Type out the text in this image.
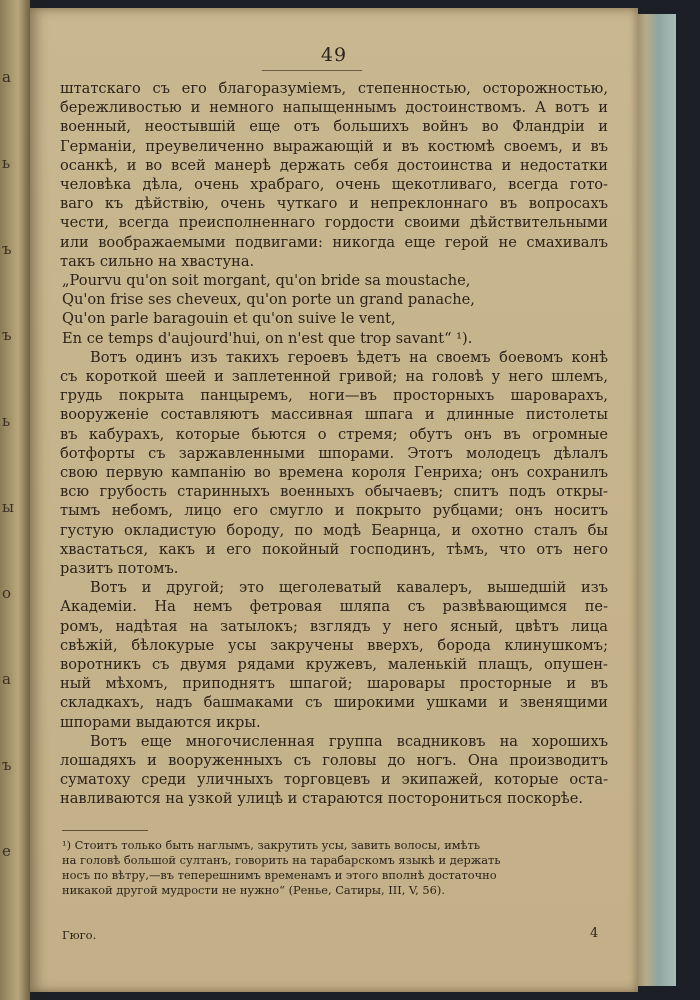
а
ь
ъ
ъ
ь
ы
о
а
ъ
е
49
штатскаго съ его благоразуміемъ, степенностью, осторожностью,
бережливостью и немного напыщеннымъ достоинствомъ. А вотъ и
военный, неостывшій еще отъ большихъ войнъ во Фландріи и
Германіи, преувеличенно выражающій и въ костюмѣ своемъ, и въ
осанкѣ, и во всей манерѣ держать себя достоинства и недостатки
человѣка дѣла, очень храбраго, очень щекотливаго, всегда гото-
ваго къ дѣйствію, очень чуткаго и непреклоннаго въ вопросахъ
чести, всегда преисполненнаго гордости своими дѣйствительными
или воображаемыми подвигами: никогда еще герой не смахивалъ
такъ сильно на хвастуна.
„Pourvu qu'on soit morgant, qu'on bride sa moustache,
Qu'on frise ses cheveux, qu'on porte un grand panache,
Qu'on parle baragouin et qu'on suive le vent,
En ce temps d'aujourd'hui, on n'est que trop savant“ ¹).
Вотъ одинъ изъ такихъ героевъ ѣдетъ на своемъ боевомъ конѣ
съ короткой шеей и заплетенной гривой; на головѣ у него шлемъ,
грудь покрыта панцыремъ, ноги—въ просторныхъ шароварахъ,
вооруженіе составляютъ массивная шпага и длинные пистолеты
въ кабурахъ, которые бьются о стремя; обутъ онъ въ огромные
ботфорты съ заржавленными шпорами. Этотъ молодецъ дѣлалъ
свою первую кампанію во времена короля Генриха; онъ сохранилъ
всю грубость старинныхъ военныхъ обычаевъ; спитъ подъ откры-
тымъ небомъ, лицо его смугло и покрыто рубцами; онъ носитъ
густую окладистую бороду, по модѣ Беарнца, и охотно сталъ бы
хвастаться, какъ и его покойный господинъ, тѣмъ, что отъ него
разитъ потомъ.
Вотъ и другой; это щеголеватый кавалеръ, вышедшій изъ
Академіи. На немъ фетровая шляпа съ развѣвающимся пе-
ромъ, надѣтая на затылокъ; взглядъ у него ясный, цвѣтъ лица
свѣжій, бѣлокурые усы закручены вверхъ, борода клинушкомъ;
воротникъ съ двумя рядами кружевъ, маленькій плащъ, опушен-
ный мѣхомъ, приподнятъ шпагой; шаровары просторные и въ
складкахъ, надъ башмаками съ широкими ушками и звенящими
шпорами выдаются икры.
Вотъ еще многочисленная группа всадниковъ на хорошихъ
лошадяхъ и вооруженныхъ съ головы до ногъ. Она производитъ
суматоху среди уличныхъ торговцевъ и экипажей, которые оста-
навливаются на узкой улицѣ и стараются посторониться поскорѣе.
¹) Стоитъ только быть наглымъ, закрутить усы, завить волосы, имѣть
на головѣ большой султанъ, говорить на тарабарскомъ языкѣ и держать
носъ по вѣтру,—въ теперешнимъ временамъ и этого вполнѣ достаточно
никакой другой мудрости не нужно“ (Ренье, Сатиры, III, V, 56).
Гюго.	4
